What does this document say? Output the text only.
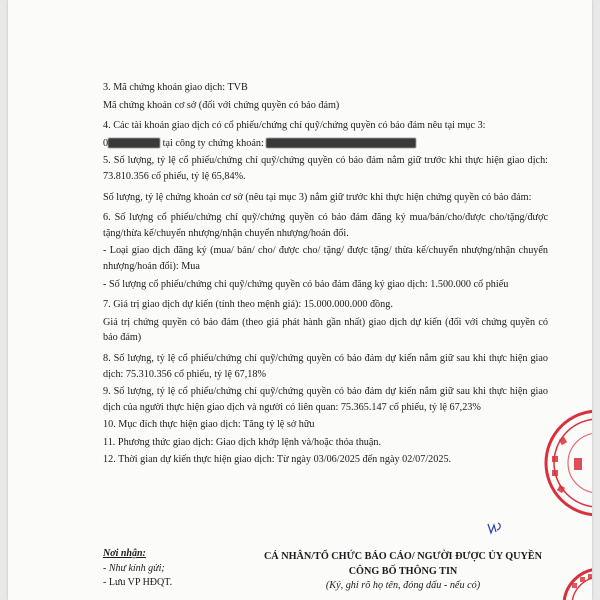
3. Mã chứng khoán giao dịch: TVB

Mã chứng khoán cơ sở (đối với chứng quyền có bảo đảm)

4. Các tài khoản giao dịch có cổ phiếu/chứng chỉ quỹ/chứng quyền có bảo đảm nêu tại mục 3:

0	tại công ty chứng khoán:

5. Số lượng, tỷ lệ cổ phiếu/chứng chỉ quỹ/chứng quyền có bảo đảm nắm giữ trước khi thực hiện giao dịch: 73.810.356 cổ phiếu, tỷ lệ 65,84%.

Số lượng, tỷ lệ chứng khoán cơ sở (nêu tại mục 3) nắm giữ trước khi thực hiện chứng quyền có bảo đảm:

6. Số lượng cổ phiếu/chứng chỉ quỹ/chứng quyền có bảo đảm đăng ký mua/bán/cho/được cho/tặng/được tặng/thừa kế/chuyển nhượng/nhận chuyển nhượng/hoán đổi.

- Loại giao dịch đăng ký (mua/ bán/ cho/ được cho/ tặng/ được tặng/ thừa kế/chuyển nhượng/nhận chuyển nhượng/hoán đổi): Mua

- Số lượng cổ phiếu/chứng chỉ quỹ/chứng quyền có bảo đảm đăng ký giao dịch: 1.500.000 cổ phiếu

7. Giá trị giao dịch dự kiến (tính theo mệnh giá): 15.000.000.000 đồng.

Giá trị chứng quyền có bảo đảm (theo giá phát hành gần nhất) giao dịch dự kiến (đối với chứng quyền có bảo đảm)

8. Số lượng, tỷ lệ cổ phiếu/chứng chỉ quỹ/chứng quyền có bảo đảm dự kiến nắm giữ sau khi thực hiện giao dịch: 75.310.356 cổ phiếu, tỷ lệ 67,18%

9. Số lượng, tỷ lệ cổ phiếu/chứng chỉ quỹ/chứng quyền có bảo đảm dự kiến nắm giữ sau khi thực hiện giao dịch của người thực hiện giao dịch và người có liên quan: 75.365.147 cổ phiếu, tỷ lệ 67,23%

10. Mục đích thực hiện giao dịch: Tăng tỷ lệ sở hữu

11. Phương thức giao dịch: Giao dịch khớp lệnh và/hoặc thỏa thuận.

12. Thời gian dự kiến thực hiện giao dịch: Từ ngày 03/06/2025 đến ngày 02/07/2025.

Nơi nhận:
- Như kính gửi;
- Lưu VP HĐQT.
CÁ NHÂN/TỔ CHỨC BÁO CÁO/ NGƯỜI ĐƯỢC ỦY QUYỀN CÔNG BỐ THÔNG TIN
(Ký, ghi rõ họ tên, đóng dấu - nếu có)
